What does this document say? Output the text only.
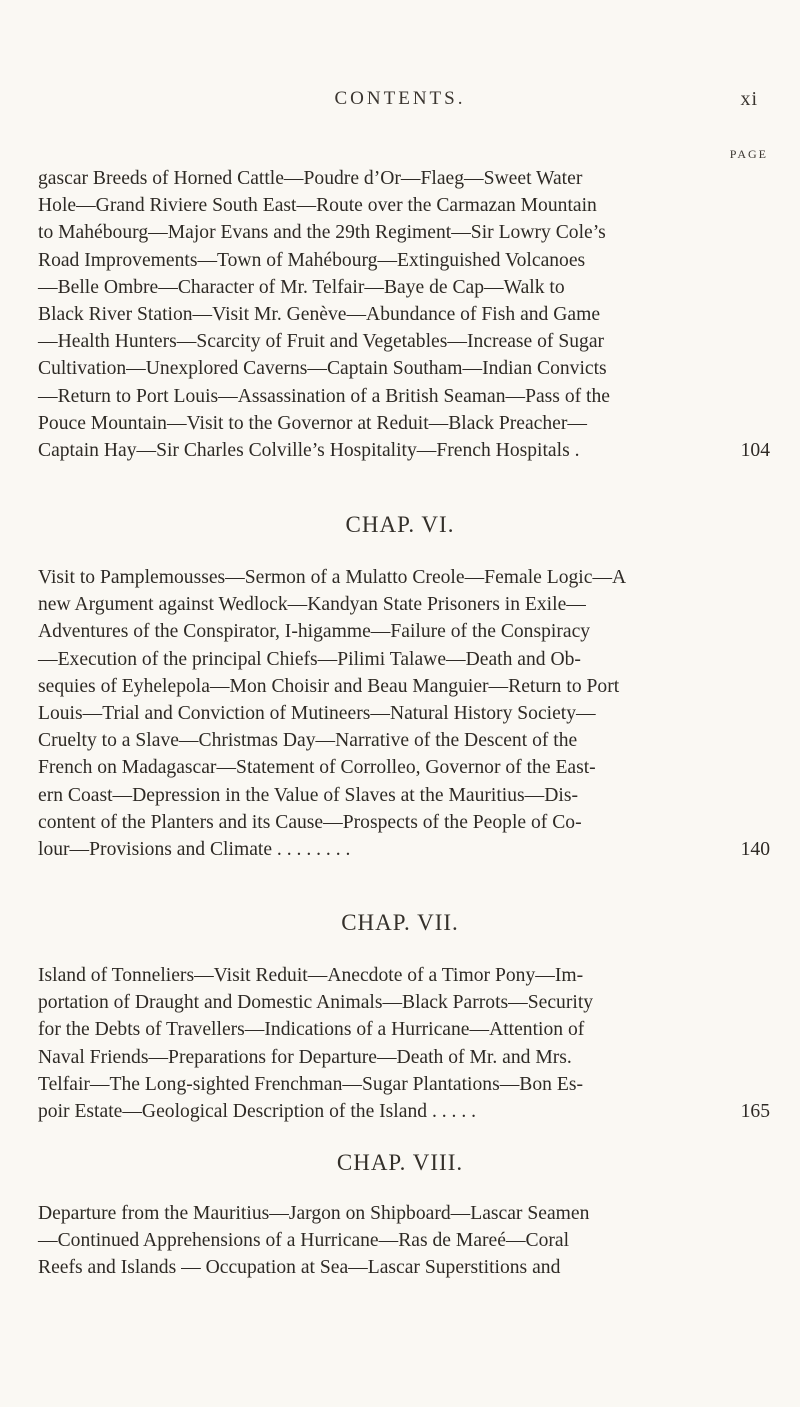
CONTENTS.	xi
PAGE
gascar Breeds of Horned Cattle—Poudre d’Or—Flaeg—Sweet Water Hole—Grand Riviere South East—Route over the Carmazan Mountain to Mahébourg—Major Evans and the 29th Regiment—Sir Lowry Cole’s Road Improvements—Town of Mahébourg—Extinguished Volcanoes —Belle Ombre—Character of Mr. Telfair—Baye de Cap—Walk to Black River Station—Visit Mr. Genève—Abundance of Fish and Game —Health Hunters—Scarcity of Fruit and Vegetables—Increase of Sugar Cultivation—Unexplored Caverns—Captain Southam—Indian Convicts —Return to Port Louis—Assassination of a British Seaman—Pass of the Pouce Mountain—Visit to the Governor at Reduit—Black Preacher—
Captain Hay—Sir Charles Colville’s Hospitality—French Hospitals .	104
CHAP. VI.
Visit to Pamplemousses—Sermon of a Mulatto Creole—Female Logic—A new Argument against Wedlock—Kandyan State Prisoners in Exile— Adventures of the Conspirator, I-higamme—Failure of the Conspiracy —Execution of the principal Chiefs—Pilimi Talawe—Death and Ob- sequies of Eyhelepola—Mon Choisir and Beau Manguier—Return to Port Louis—Trial and Conviction of Mutineers—Natural History Society— Cruelty to a Slave—Christmas Day—Narrative of the Descent of the French on Madagascar—Statement of Corrolleo, Governor of the East- ern Coast—Depression in the Value of Slaves at the Mauritius—Dis- content of the Planters and its Cause—Prospects of the People of Co-
lour—Provisions and Climate . . . . . . . .	140
CHAP. VII.
Island of Tonneliers—Visit Reduit—Anecdote of a Timor Pony—Im- portation of Draught and Domestic Animals—Black Parrots—Security for the Debts of Travellers—Indications of a Hurricane—Attention of Naval Friends—Preparations for Departure—Death of Mr. and Mrs. Telfair—The Long-sighted Frenchman—Sugar Plantations—Bon Es-
poir Estate—Geological Description of the Island . . . . .	165
CHAP. VIII.
Departure from the Mauritius—Jargon on Shipboard—Lascar Seamen —Continued Apprehensions of a Hurricane—Ras de Mareé—Coral Reefs and Islands — Occupation at Sea—Lascar Superstitions and
